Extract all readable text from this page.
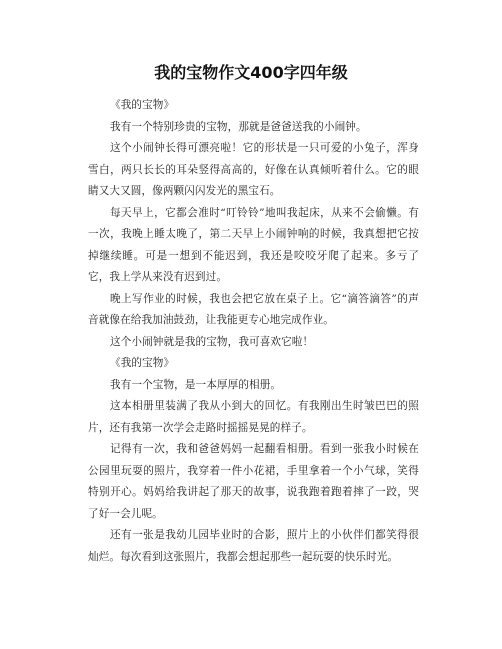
我的宝物作文400字四年级

《我的宝物》

我有一个特别珍贵的宝物，那就是爸爸送我的小闹钟。

这个小闹钟长得可漂亮啦！它的形状是一只可爱的小兔子，浑身雪白，两只长长的耳朵竖得高高的，好像在认真倾听着什么。它的眼睛又大又圆，像两颗闪闪发光的黑宝石。

每天早上，它都会准时“叮铃铃”地叫我起床，从来不会偷懒。有一次，我晚上睡太晚了，第二天早上小闹钟响的时候，我真想把它按掉继续睡。可是一想到不能迟到，我还是咬咬牙爬了起来。多亏了它，我上学从来没有迟到过。

晚上写作业的时候，我也会把它放在桌子上。它“滴答滴答”的声音就像在给我加油鼓劲，让我能更专心地完成作业。

这个小闹钟就是我的宝物，我可喜欢它啦！

《我的宝物》

我有一个宝物，是一本厚厚的相册。

这本相册里装满了我从小到大的回忆。有我刚出生时皱巴巴的照片，还有我第一次学会走路时摇摇晃晃的样子。

记得有一次，我和爸爸妈妈一起翻看相册。看到一张我小时候在公园里玩耍的照片，我穿着一件小花裙，手里拿着一个小气球，笑得特别开心。妈妈给我讲起了那天的故事，说我跑着跑着摔了一跤，哭了好一会儿呢。

还有一张是我幼儿园毕业时的合影，照片上的小伙伴们都笑得很灿烂。每次看到这张照片，我都会想起那些一起玩耍的快乐时光。
